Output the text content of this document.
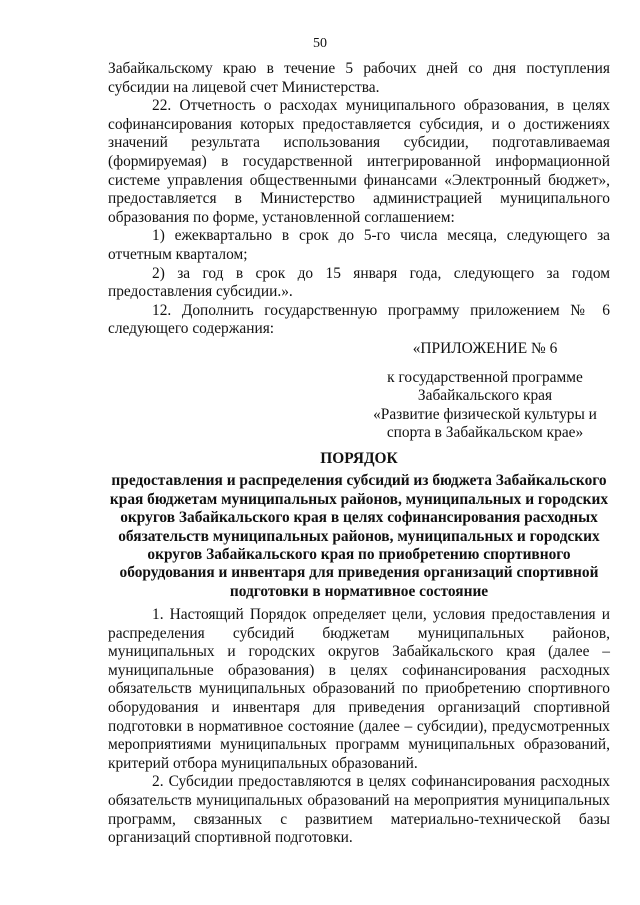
50

Забайкальскому краю в течение 5 рабочих дней со дня поступления субсидии на лицевой счет Министерства.

22. Отчетность о расходах муниципального образования, в целях софинансирования которых предоставляется субсидия, и о достижениях значений результата использования субсидии, подготавливаемая (формируемая) в государственной интегрированной информационной системе управления общественными финансами «Электронный бюджет», предоставляется в Министерство администрацией муниципального образования по форме, установленной соглашением:

1) ежеквартально в срок до 5-го числа месяца, следующего за отчетным кварталом;

2) за год в срок до 15 января года, следующего за годом предоставления субсидии.».

12. Дополнить государственную программу приложением № 6 следующего содержания:

«ПРИЛОЖЕНИЕ № 6

к государственной программе

Забайкальского края

«Развитие физической культуры и

спорта в Забайкальском крае»

ПОРЯДОК

предоставления и распределения субсидий из бюджета Забайкальского края бюджетам муниципальных районов, муниципальных и городских округов Забайкальского края в целях софинансирования расходных обязательств муниципальных районов, муниципальных и городских округов Забайкальского края по приобретению спортивного оборудования и инвентаря для приведения организаций спортивной подготовки в нормативное состояние

1. Настоящий Порядок определяет цели, условия предоставления и распределения субсидий бюджетам муниципальных районов, муниципальных и городских округов Забайкальского края (далее – муниципальные образования) в целях софинансирования расходных обязательств муниципальных образований по приобретению спортивного оборудования и инвентаря для приведения организаций спортивной подготовки в нормативное состояние (далее – субсидии), предусмотренных мероприятиями муниципальных программ муниципальных образований, критерий отбора муниципальных образований.

2. Субсидии предоставляются в целях софинансирования расходных обязательств муниципальных образований на мероприятия муниципальных программ, связанных с развитием материально-технической базы организаций спортивной подготовки.
